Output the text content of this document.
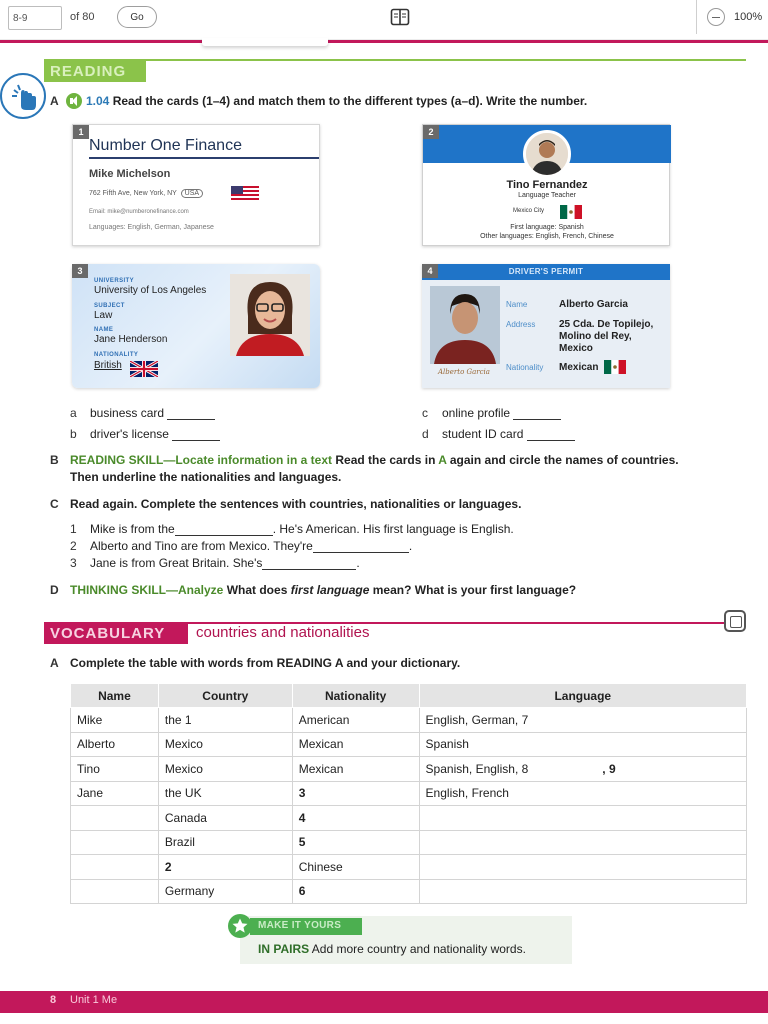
8-9
of 80	Go	100%
READING
A 1.04 Read the cards (1–4) and match them to the different types (a–d). Write the number.
1
Number One Finance
Mike Michelson
762 Fifth Ave, New York, NY USA
Email: mike@numberonefinance.com
Languages: English, German, Japanese
2
Tino Fernandez
Language Teacher
Mexico City
First language: Spanish
Other languages: English, French, Chinese
3
UNIVERSITY
University of Los Angeles
SUBJECT
Law
NAME
Jane Henderson
NATIONALITY
British
DRIVER'S PERMIT
4
Alberto Garcia
Name	Alberto Garcia
Address 25 Cda. De Topilejo,
Molino del Rey,
Mexico
Nationality Mexican
a business card
b driver's license
c online profile
d student ID card
B READING SKILL—Locate information in a text Read the cards in A again and circle the names of countries.
Then underline the nationalities and languages.
C Read again. Complete the sentences with countries, nationalities or languages.
1 Mike is from the	. He's American. His first language is English.
2 Alberto and Tino are from Mexico. They're	.
3 Jane is from Great Britain. She's	.
D THINKING SKILL—Analyze What does first language mean? What is your first language?
VOCABULARY	countries and nationalities
A Complete the table with words from READING A and your dictionary.
Name	Country	Nationality	Language
Mike	the 1	American	English, German, 7
Alberto	Mexico	Mexican	Spanish
Tino	Mexico	Mexican	Spanish, English, 8 , 9
Jane	the UK	3	English, French
	Canada	4	
	Brazil	5	
	2	Chinese	
	Germany	6	
MAKE IT YOURS
IN PAIRS Add more country and nationality words.
8 Unit 1 Me
